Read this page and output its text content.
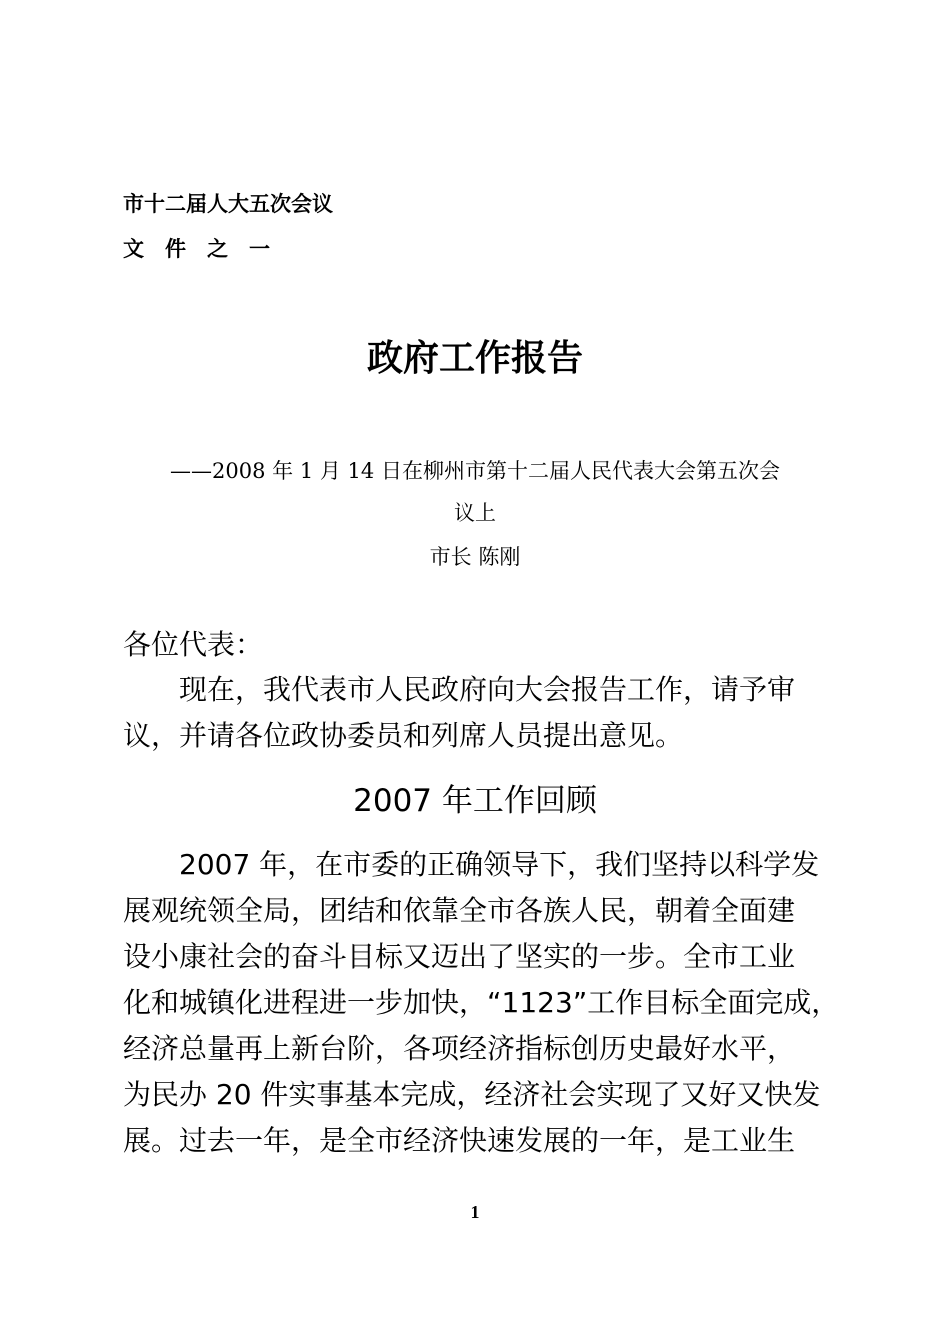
市十二届人大五次会议
文　件　之　一
政府工作报告
——2008 年 1 月 14 日在柳州市第十二届人民代表大会第五次会
议上
市长 陈刚
各位代表：
　　现在，我代表市人民政府向大会报告工作，请予审
议，并请各位政协委员和列席人员提出意见。
2007 年工作回顾
　　2007 年，在市委的正确领导下，我们坚持以科学发
展观统领全局，团结和依靠全市各族人民，朝着全面建
设小康社会的奋斗目标又迈出了坚实的一步。全市工业
化和城镇化进程进一步加快，“1123”工作目标全面完成，
经济总量再上新台阶，各项经济指标创历史最好水平，
为民办 20 件实事基本完成，经济社会实现了又好又快发
展。过去一年，是全市经济快速发展的一年，是工业生
1
